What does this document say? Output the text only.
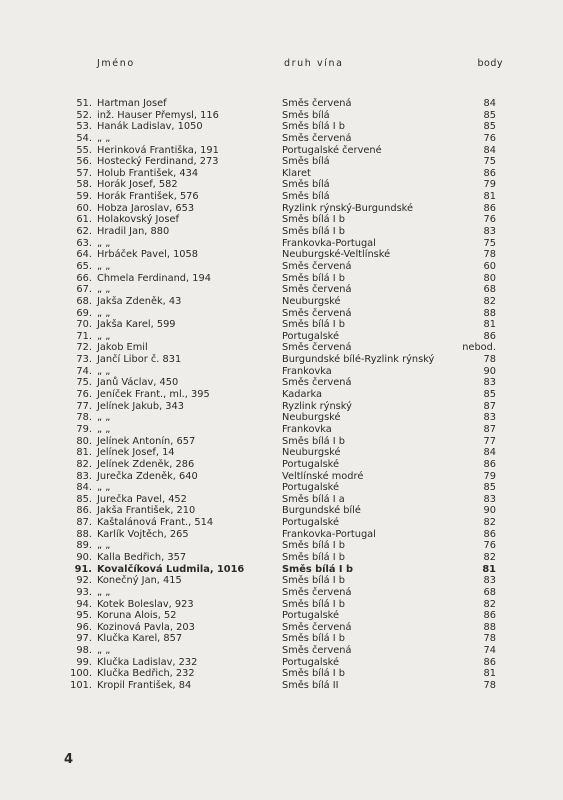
Jméno	druh vína	body
51. Hartman Josef	Směs červená	84
52. inž. Hauser Přemysl, 116	Směs bílá	85
53. Hanák Ladislav, 1050	Směs bílá I b	85
54. „ „	Směs červená	76
55. Herinková Františka, 191	Portugalské červené	84
56. Hostecký Ferdinand, 273	Směs bílá	75
57. Holub František, 434	Klaret	86
58. Horák Josef, 582	Směs bílá	79
59. Horák František, 576	Směs bílá	81
60. Hobza Jaroslav, 653	Ryzlink rýnský-Burgundské	86
61. Holakovský Josef	Směs bílá I b	76
62. Hradil Jan, 880	Směs bílá I b	83
63. „ „	Frankovka-Portugal	75
64. Hrbáček Pavel, 1058	Neuburgské-Veltlínské	78
65. „ „	Směs červená	60
66. Chmela Ferdinand, 194	Směs bílá I b	80
67. „ „	Směs červená	68
68. Jakša Zdeněk, 43	Neuburgské	82
69. „ „	Směs červená	88
70. Jakša Karel, 599	Směs bílá I b	81
71. „ „	Portugalské	86
72. Jakob Emil	Směs červená	nebod.
73. Jančí Libor č. 831	Burgundské bílé-Ryzlink rýnský	78
74. „ „	Frankovka	90
75. Janů Václav, 450	Směs červená	83
76. Jeníček Frant., ml., 395	Kadarka	85
77. Jelínek Jakub, 343	Ryzlink rýnský	87
78. „ „	Neuburgské	83
79. „ „	Frankovka	87
80. Jelínek Antonín, 657	Směs bílá I b	77
81. Jelínek Josef, 14	Neuburgské	84
82. Jelínek Zdeněk, 286	Portugalské	86
83. Jurečka Zdeněk, 640	Veltlínské modré	79
84. „ „	Portugalské	85
85. Jurečka Pavel, 452	Směs bílá I a	83
86. Jakša František, 210	Burgundské bílé	90
87. Kaštalánová Frant., 514	Portugalské	82
88. Karlík Vojtěch, 265	Frankovka-Portugal	86
89. „ „	Směs bílá I b	76
90. Kalla Bedřich, 357	Směs bílá I b	82
91. Kovalčíková Ludmila, 1016	Směs bílá I b	81
92. Konečný Jan, 415	Směs bílá I b	83
93. „ „	Směs červená	68
94. Kotek Boleslav, 923	Směs bílá I b	82
95. Koruna Alois, 52	Portugalské	86
96. Kozinová Pavla, 203	Směs červená	88
97. Klučka Karel, 857	Směs bílá I b	78
98. „ „	Směs červená	74
99. Klučka Ladislav, 232	Portugalské	86
100. Klučka Bedřich, 232	Směs bílá I b	81
101. Kropil František, 84	Směs bílá II	78
4
